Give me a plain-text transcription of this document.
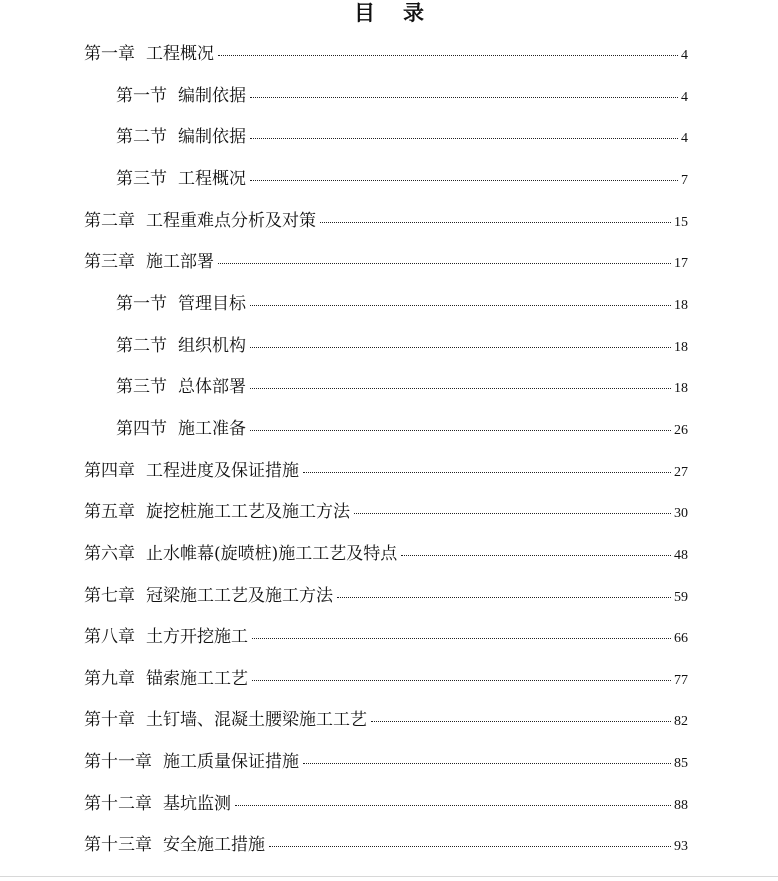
目录
第一章 工程概况	4
第一节 编制依据	4
第二节 编制依据	4
第三节 工程概况	7
第二章 工程重难点分析及对策	15
第三章 施工部署	17
第一节 管理目标	18
第二节 组织机构	18
第三节 总体部署	18
第四节 施工准备	26
第四章 工程进度及保证措施	27
第五章 旋挖桩施工工艺及施工方法	30
第六章 止水帷幕(旋喷桩)施工工艺及特点	48
第七章 冠梁施工工艺及施工方法	59
第八章 土方开挖施工	66
第九章 锚索施工工艺	77
第十章 土钉墙、混凝土腰梁施工工艺	82
第十一章 施工质量保证措施	85
第十二章 基坑监测	88
第十三章 安全施工措施	93
